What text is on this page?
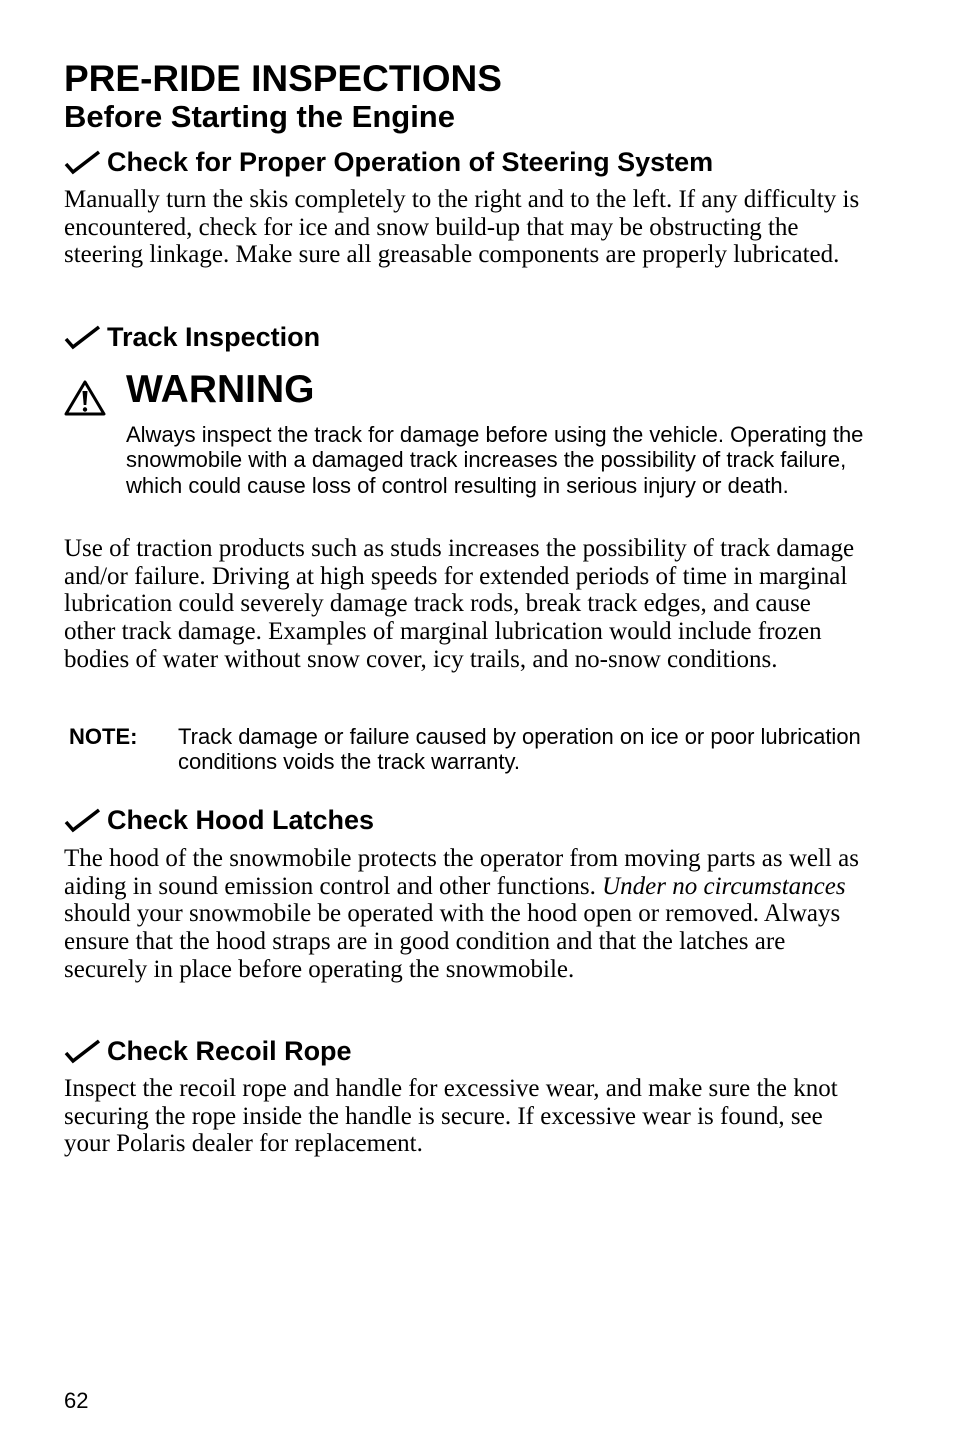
PRE-RIDE INSPECTIONS
Before Starting the Engine
Check for Proper Operation of Steering System

Manually turn the skis completely to the right and to the left. If any difficulty is encountered, check for ice and snow build-up that may be obstructing the steering linkage. Make sure all greasable components are properly lubricated.

Track Inspection
WARNING
Always inspect the track for damage before using the vehicle. Operating the snowmobile with a damaged track increases the possibility of track failure, which could cause loss of control resulting in serious injury or death.

Use of traction products such as studs increases the possibility of track damage and/or failure. Driving at high speeds for extended periods of time in marginal lubrication could severely damage track rods, break track edges, and cause other track damage. Examples of marginal lubrication would include frozen bodies of water without snow cover, icy trails, and no-snow conditions.

NOTE: Track damage or failure caused by operation on ice or poor lubrication conditions voids the track warranty.
Check Hood Latches

The hood of the snowmobile protects the operator from moving parts as well as aiding in sound emission control and other functions. Under no circumstances should your snowmobile be operated with the hood open or removed. Always ensure that the hood straps are in good condition and that the latches are securely in place before operating the snowmobile.

Check Recoil Rope

Inspect the recoil rope and handle for excessive wear, and make sure the knot securing the rope inside the handle is secure. If excessive wear is found, see your Polaris dealer for replacement.

62
